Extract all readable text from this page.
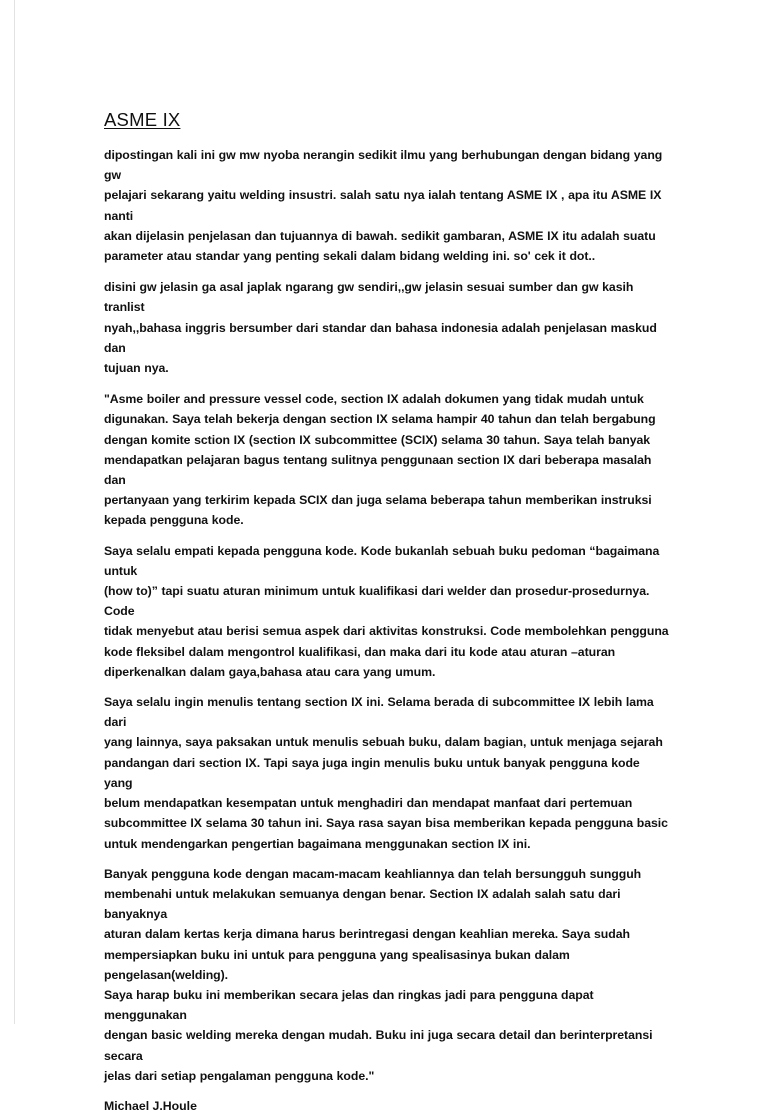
ASME IX

dipostingan kali ini gw mw nyoba nerangin sedikit ilmu yang berhubungan dengan bidang yang gw
pelajari sekarang yaitu welding insustri. salah satu nya ialah tentang ASME IX , apa itu ASME IX nanti
akan dijelasin penjelasan dan tujuannya di bawah. sedikit gambaran, ASME IX itu adalah suatu
parameter atau standar yang penting sekali dalam bidang welding ini. so' cek it dot..

disini gw jelasin ga asal japlak ngarang gw sendiri,,gw jelasin sesuai sumber dan gw kasih tranlist
nyah,,bahasa inggris bersumber dari standar dan bahasa indonesia adalah penjelasan maskud dan
tujuan nya.

"Asme boiler and pressure vessel code, section IX adalah dokumen yang tidak mudah untuk
digunakan. Saya telah bekerja dengan section IX selama hampir 40 tahun dan telah bergabung
dengan komite sction IX (section IX subcommittee (SCIX) selama 30 tahun. Saya telah banyak
mendapatkan pelajaran bagus tentang sulitnya penggunaan section IX dari beberapa masalah dan
pertanyaan yang terkirim kepada SCIX dan juga selama beberapa tahun memberikan instruksi
kepada pengguna kode.

Saya selalu empati kepada pengguna kode. Kode bukanlah sebuah buku pedoman “bagaimana untuk
(how to)” tapi suatu aturan minimum untuk kualifikasi dari welder dan prosedur-prosedurnya. Code
tidak menyebut atau berisi semua aspek dari aktivitas konstruksi. Code membolehkan pengguna
kode fleksibel dalam mengontrol kualifikasi, dan maka dari itu kode atau aturan –aturan
diperkenalkan dalam gaya,bahasa atau cara yang umum.

Saya selalu ingin menulis tentang section IX ini. Selama berada di subcommittee IX lebih lama dari
yang lainnya, saya paksakan untuk menulis sebuah buku, dalam bagian, untuk menjaga sejarah
pandangan dari section IX. Tapi saya juga ingin menulis buku untuk banyak pengguna kode yang
belum mendapatkan kesempatan untuk menghadiri dan mendapat manfaat dari pertemuan
subcommittee IX selama 30 tahun ini. Saya rasa sayan bisa memberikan kepada pengguna basic
untuk mendengarkan pengertian bagaimana menggunakan section IX ini.

Banyak pengguna kode dengan macam-macam keahliannya dan telah bersungguh sungguh
membenahi untuk melakukan semuanya dengan benar. Section IX adalah salah satu dari banyaknya
aturan dalam kertas kerja dimana harus berintregasi dengan keahlian mereka. Saya sudah
mempersiapkan buku ini untuk para pengguna yang spealisasinya bukan dalam pengelasan(welding).
Saya harap buku ini memberikan secara jelas dan ringkas jadi para pengguna dapat menggunakan
dengan basic welding mereka dengan mudah. Buku ini juga secara detail dan berinterpretansi secara
jelas dari setiap pengalaman pengguna kode."

Michael J.Houle
